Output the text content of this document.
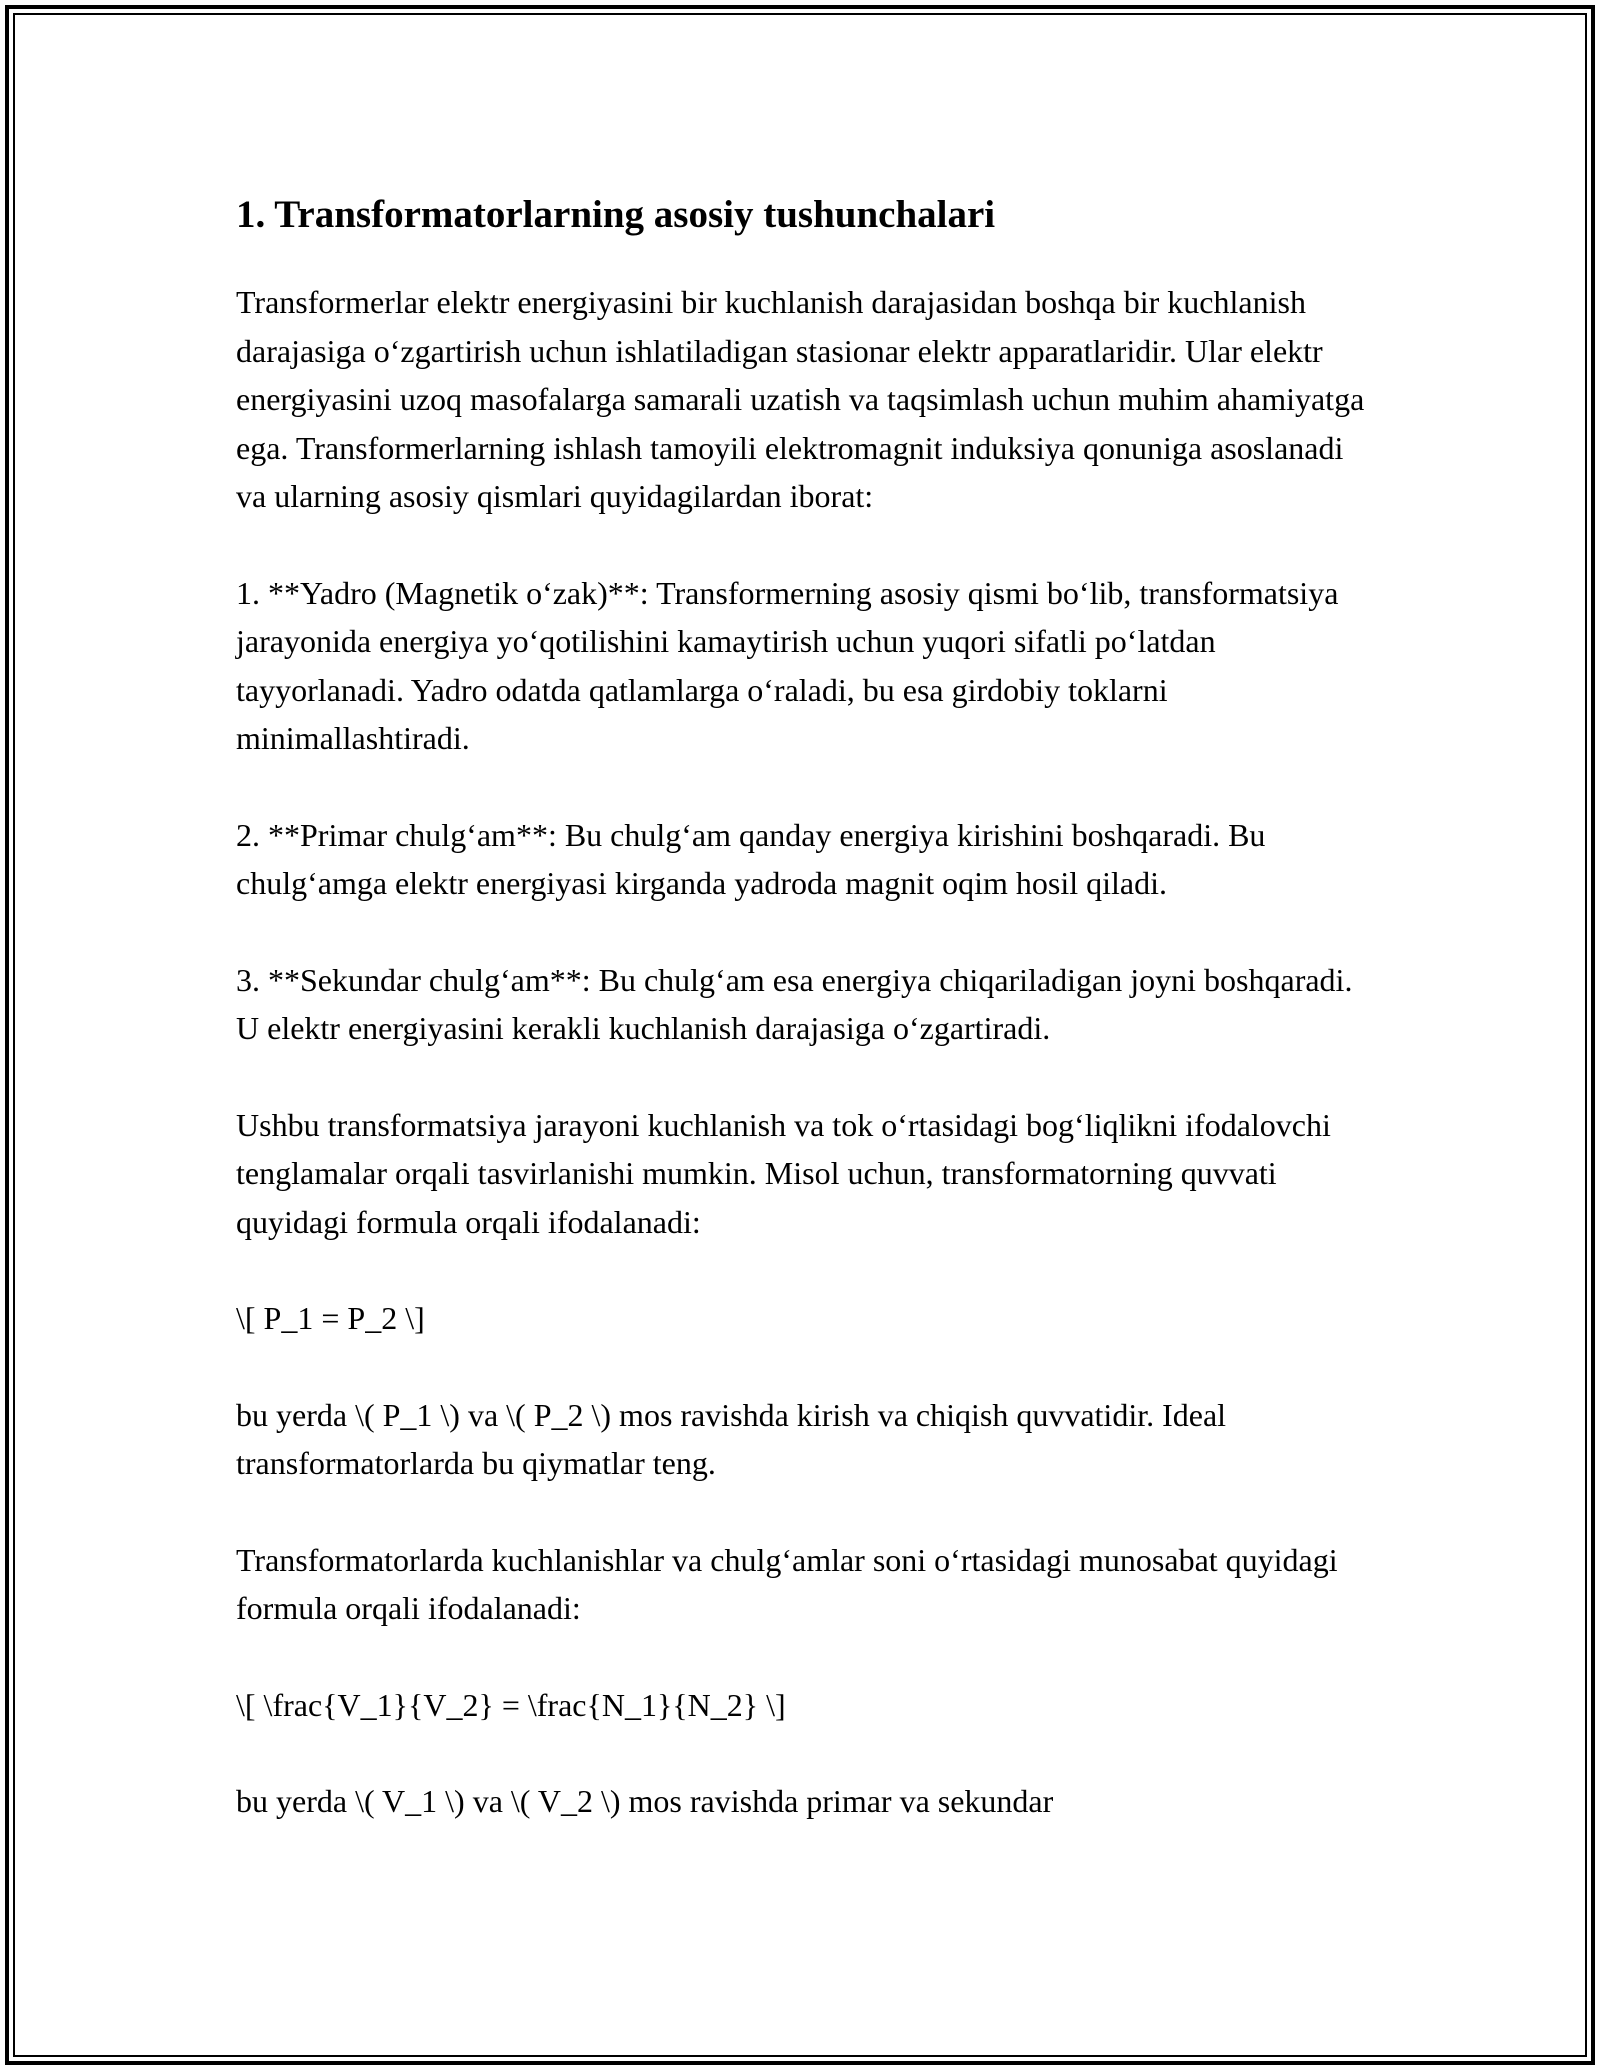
1. Transformatorlarning asosiy tushunchalari

Transformerlar elektr energiyasini bir kuchlanish darajasidan boshqa bir kuchlanish darajasiga o‘zgartirish uchun ishlatiladigan stasionar elektr apparatlaridir. Ular elektr energiyasini uzoq masofalarga samarali uzatish va taqsimlash uchun muhim ahamiyatga ega. Transformerlarning ishlash tamoyili elektromagnit induksiya qonuniga asoslanadi va ularning asosiy qismlari quyidagilardan iborat:

1. **Yadro (Magnetik o‘zak)**: Transformerning asosiy qismi bo‘lib, transformatsiya jarayonida energiya yo‘qotilishini kamaytirish uchun yuqori sifatli po‘latdan tayyorlanadi. Yadro odatda qatlamlarga o‘raladi, bu esa girdobiy toklarni minimallashtiradi.

2. **Primar chulg‘am**: Bu chulg‘am qanday energiya kirishini boshqaradi. Bu chulg‘amga elektr energiyasi kirganda yadroda magnit oqim hosil qiladi.

3. **Sekundar chulg‘am**: Bu chulg‘am esa energiya chiqariladigan joyni boshqaradi. U elektr energiyasini kerakli kuchlanish darajasiga o‘zgartiradi.

Ushbu transformatsiya jarayoni kuchlanish va tok o‘rtasidagi bog‘liqlikni ifodalovchi tenglamalar orqali tasvirlanishi mumkin. Misol uchun, transformatorning quvvati quyidagi formula orqali ifodalanadi:

\[ P_1 = P_2 \]

bu yerda \( P_1 \) va \( P_2 \) mos ravishda kirish va chiqish quvvatidir. Ideal transformatorlarda bu qiymatlar teng.

Transformatorlarda kuchlanishlar va chulg‘amlar soni o‘rtasidagi munosabat quyidagi formula orqali ifodalanadi:

\[ \frac{V_1}{V_2} = \frac{N_1}{N_2} \]

bu yerda \( V_1 \) va \( V_2 \) mos ravishda primar va sekundar
